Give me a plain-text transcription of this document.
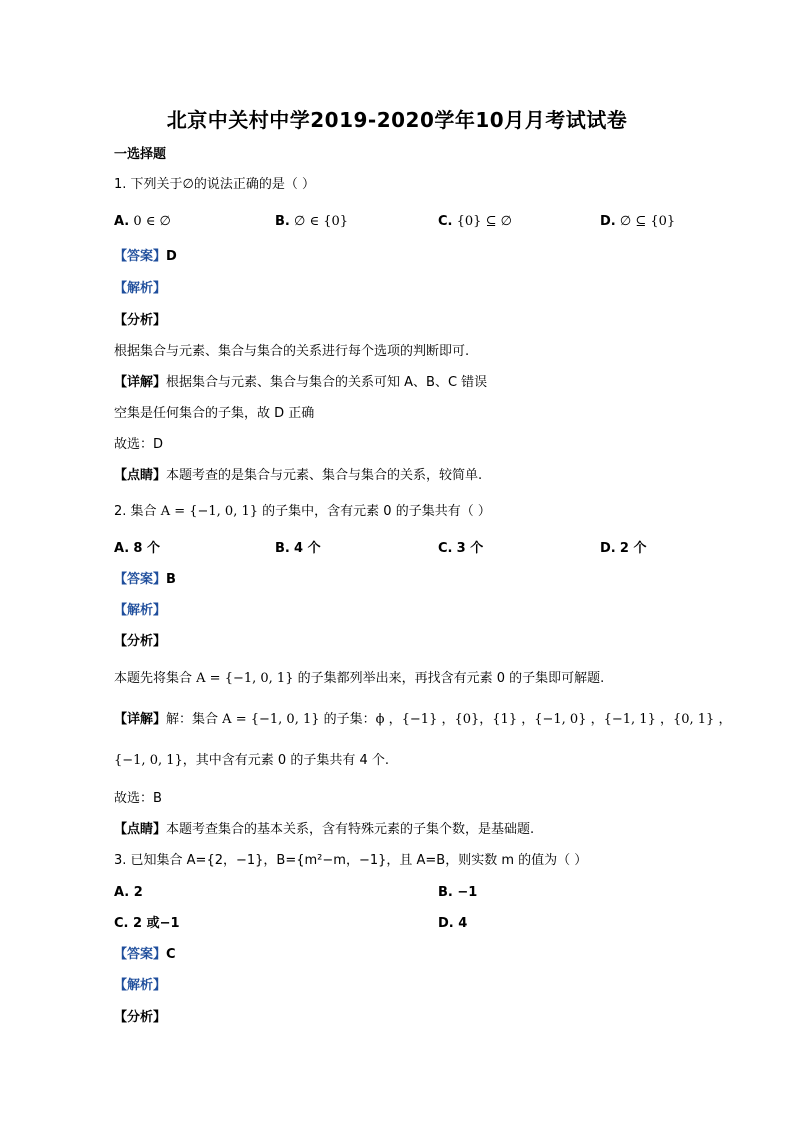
北京中关村中学2019-2020学年10月月考试试卷
一选择题
1. 下列关于∅的说法正确的是（ ）
A. 0 ∈ ∅	B. ∅ ∈ {0}	C. {0} ⊆ ∅	D. ∅ ⊆ {0}
【答案】D
【解析】
【分析】
根据集合与元素、集合与集合的关系进行每个选项的判断即可.
【详解】根据集合与元素、集合与集合的关系可知 A、B、C 错误
空集是任何集合的子集，故 D 正确
故选：D
【点睛】本题考查的是集合与元素、集合与集合的关系，较简单.
2. 集合 A = {−1, 0, 1} 的子集中，含有元素 0 的子集共有（ ）
A. 8 个	B. 4 个	C. 3 个	D. 2 个
【答案】B
【解析】
【分析】
本题先将集合 A = {−1, 0, 1} 的子集都列举出来，再找含有元素 0 的子集即可解题.
【详解】解：集合 A = {−1, 0, 1} 的子集：ϕ ，{−1} ，{0}，{1} ，{−1, 0} ，{−1, 1} ，{0, 1} ，
{−1, 0, 1}，其中含有元素 0 的子集共有 4 个.
故选：B
【点睛】本题考查集合的基本关系，含有特殊元素的子集个数，是基础题.
3. 已知集合 A={2，−1}，B={m²−m，−1}，且 A=B，则实数 m 的值为（ ）
A. 2	B. −1
C. 2 或−1	D. 4
【答案】C
【解析】
【分析】
